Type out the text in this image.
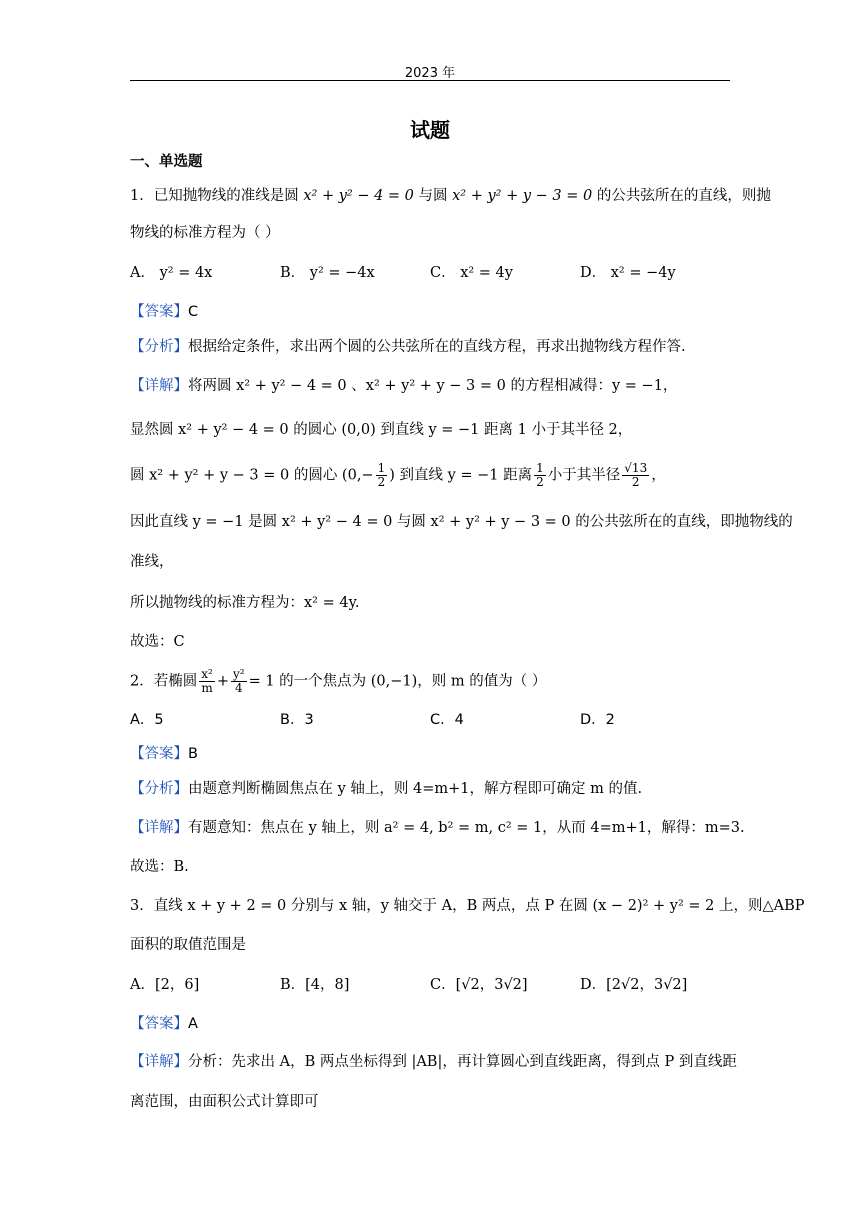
2023 年
试题
一、单选题
1．已知抛物线的准线是圆 x² + y² − 4 = 0 与圆 x² + y² + y − 3 = 0 的公共弦所在的直线，则抛
物线的标准方程为（ ）
A． y² = 4x	B． y² = −4x	C． x² = 4y	D． x² = −4y
【答案】C
【分析】根据给定条件，求出两个圆的公共弦所在的直线方程，再求出抛物线方程作答.
【详解】将两圆 x² + y² − 4 = 0 、x² + y² + y − 3 = 0 的方程相减得：y = −1，
显然圆 x² + y² − 4 = 0 的圆心 (0,0) 到直线 y = −1 距离 1 小于其半径 2，
圆 x² + y² + y − 3 = 0 的圆心 ($0,- \frac{1}{2}$ ) 到直线 y = −1 距离 $\frac{1}{2}$ 小于其半径 $\frac{√13}{2}$ ，
因此直线 y = −1 是圆 x² + y² − 4 = 0 与圆 x² + y² + y − 3 = 0 的公共弦所在的直线，即抛物线的
准线，
所以抛物线的标准方程为：x² = 4y.
故选：C
2．若椭圆 $\frac{\text{x²}}{m} + \frac{\text{y²}}{4} = 1$ 的一个焦点为 (0,−1)，则 m 的值为（ ）
A．5	B．3	C．4	D．2
【答案】B
【分析】由题意判断椭圆焦点在 y 轴上，则 4=m+1，解方程即可确定 m 的值.
【详解】有题意知：焦点在 y 轴上，则 a² = 4, b² = m, c² = 1，从而 4=m+1，解得：m=3.
故选：B.
3．直线 x + y + 2 = 0 分别与 x 轴，y 轴交于 A，B 两点，点 P 在圆 (x − 2)² + y² = 2 上，则△ABP
面积的取值范围是
A．[2，6]	B．[4，8]	C．[√2，3√2]	D．[2√2，3√2]
【答案】A
【详解】分析：先求出 A，B 两点坐标得到 |AB|，再计算圆心到直线距离，得到点 P 到直线距
离范围，由面积公式计算即可
